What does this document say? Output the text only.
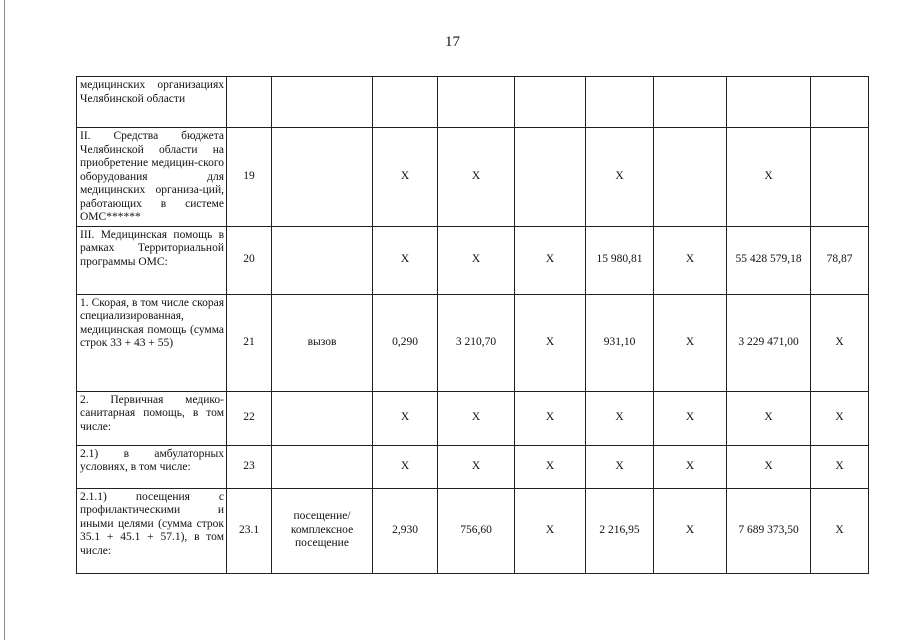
17
медицинских организациях Челябинской области									

II. Средства бюджета Челябинской области на приобретение медицин-ского оборудования для медицинских организа-ций, работающих в системе ОМС******	19		X	X		X		X	

III. Медицинская помощь в рамках Территориальной программы ОМС:	20		X	X	X	15 980,81	X	55 428 579,18	78,87

1. Скорая, в том числе скорая специализированная, медицинская помощь (сумма строк 33 + 43 + 55)	21	вызов	0,290	3 210,70	X	931,10	X	3 229 471,00	X

2. Первичная медико-санитарная помощь, в том числе:	22		X	X	X	X	X	X	X

2.1) в амбулаторных условиях, в том числе:	23		X	X	X	X	X	X	X

2.1.1) посещения с профилактическими и иными целями (сумма строк 35.1 + 45.1 + 57.1), в том числе:	23.1	посещение/ комплексное посещение	2,930	756,60	X	2 216,95	X	7 689 373,50	X
